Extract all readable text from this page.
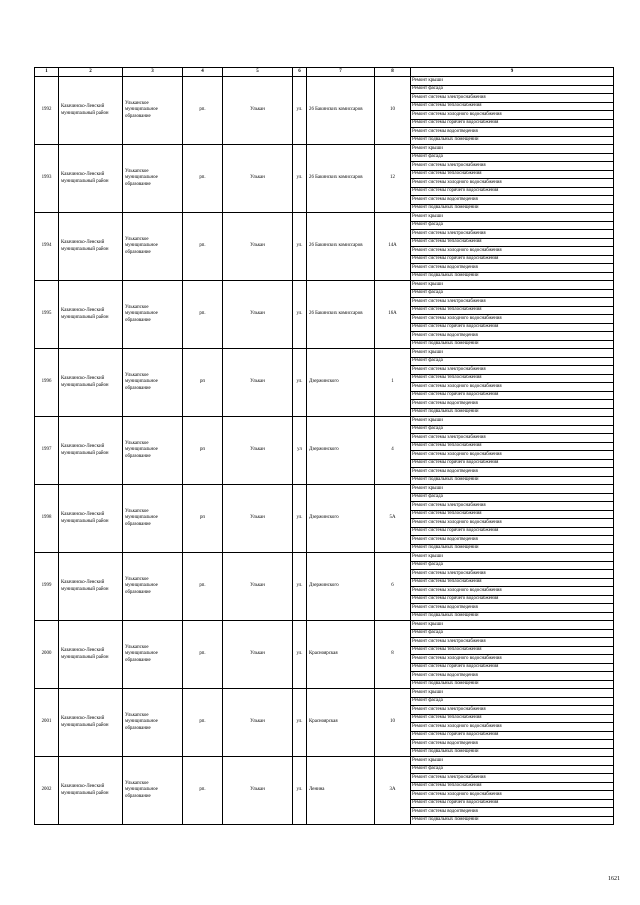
1	2	3	4	5	6	7	8	9
1992	Казачинско-Ленский муниципальный район	Ульканское муниципальное образование	рп.	Улькан	ул.	26 Бакинских комиссаров	10	Ремонт крыши
								Ремонт фасада
								Ремонт системы электроснабжения
								Ремонт системы теплоснабжения
								Ремонт системы холодного водоснабжения
								Ремонт системы горячего водоснабжения
								Ремонт системы водоотведения
								Ремонт подвальных помещений
1993	Казачинско-Ленский муниципальный район	Улькапское муниципальное образование	рп.	Улькан	ул.	26 Бакинских комиссаров	12	Ремонт крыши
								Ремонт фасада
								Ремонт системы электроснабжения
								Ремонт системы теплоснабжения
								Ремонт системы холодного водоснабжения
								Ремонт системы горячего водоснабжения
								Ремонт системы водоотведения
								Ремонт подвальных помещений
1994	Казачинско-Ленский муниципальный район	Улькапское муниципальное образование	рп.	Улькан	ул.	26 Бакинских комиссаров	14А	Ремонт крыши
								Ремонт фасада
								Ремонт системы электроснабжения
								Ремонт системы теплоснабжения
								Ремонт системы холодного водоснабжения
								Ремонт системы горячего водоснабжения
								Ремонт системы водоотведения
								Ремонт подвальных помещений
1995	Казачинско-Ленский муниципальный район	Улькапское муниципальное образование	рп.	Улькан	ул.	26 Бакинских комиссаров	16А	Ремонт крыши
								Ремонт фасада
								Ремонт системы электроснабжения
								Ремонт системы теплоснабжения
								Ремонт системы холодного водоснабжения
								Ремонт системы горячего водоснабжения
								Ремонт системы водоотведения
								Ремонт подвальных помещений
1996	Казачинско-Ленский муниципальный район	Улькапское муниципальное образование	рп	Улькан	ул.	Дзержинского	1	Ремонт крыши
								Ремонт фасада
								Ремонт системы электроснабжения
								Ремонт системы теплоснабжения
								Ремонт системы холодного водоснабжения
								Ремонт системы горячего водоснабжения
								Ремонт системы водоотведения
								Ремонт подвальных помещений
1997	Казачинско-Ленский муниципальный район	Улькапское муниципальное образование	рп	Улькан	ул	Дзержинского	4	Ремонт крыши
								Ремонт фасада
								Ремонт системы электроснабжения
								Ремонт системы теплоснабжения
								Ремонт системы холодного водоснабжения
								Ремонт системы горячего водоснабжения
								Ремонт системы водоотведения
								Ремонт подвальных помещений
1998	Казачинско-Ленский муниципальный район	Улькапское муниципальное образование	рп	Улькан	ул.	Дзержинского	5А	Ремонт крыши
								Ремонт фасада
								Ремонт системы электроснабжения
								Ремонт системы теплоснабжения
								Ремонт системы холодного водоснабжения
								Ремонт системы горячего водоснабжения
								Ремонт системы водоотведения
								Ремонт подвальных помещений
1999	Казачинско-Ленский муниципальный район	Улькапское муниципальное образование	рп.	Улькан	ул.	Дзержинского	6	Ремонт крыши
								Ремонт фасада
								Ремонт системы электроснабжения
								Ремонт системы теплоснабжения
								Ремонт системы холодного водоснабжения
								Ремонт системы горячего водоснабжения
								Ремонт системы водоотведения
								Ремонт подвальных помещений
2000	Казачинско-Ленский муниципальный район	Улькапское муниципальное образование	рп.	Улькан	ул.	Красноярская	8	Ремонт крыши
								Ремонт фасада
								Ремонт системы электроснабжения
								Ремонт системы теплоснабжения
								Ремонт системы холодного водоснабжения
								Ремонт системы горячего водоснабжения
								Ремонт системы водоотведения
								Ремонт подвальных помещений
2001	Казачинско-Ленский муниципальный район	Улькапское муниципальное образование	рп.	Улькан	ул.	Красноярская	10	Ремонт крыши
								Ремонт фасада
								Ремонт системы электроснабжения
								Ремонт системы теплоснабжения
								Ремонт системы холодного водоснабжения
								Ремонт системы горячего водоснабжения
								Ремонт системы водоотведения
								Ремонт подвальных помещений
2002	Казачинско-Ленский муниципальный район	Улькапское муниципальное образование	рп.	Улькан	ул.	Ленина	3А	Ремонт крыши
								Ремонт фасада
								Ремонт системы электроснабжения
								Ремонт системы теплоснабжения
								Ремонт системы холодного водоснабжения
								Ремонт системы горячего водоснабжения
								Ремонт системы водоотведения
								Ремонт подвальных помещений
1621
